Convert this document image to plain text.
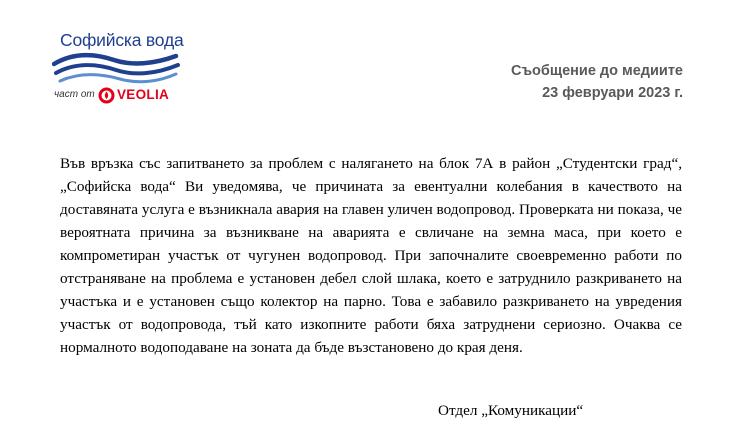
Софийска вода
част от VEOLIA
Съобщение до медиите
23 февруари 2023 г.

Във връзка със запитването за проблем с налягането на блок 7А в район „Студентски град“, „Софийска вода“ Ви уведомява, че причината за евентуални колебания в качеството на доставяната услуга е възникнала авария на главен уличен водопровод. Проверката ни показа, че вероятната причина за възникване на аварията е свличане на земна маса, при което е компрометиран участък от чугунен водопровод. При започналите своевременно работи по отстраняване на проблема е установен дебел слой шлака, което е затруднило разкриването на участъка и е установен също колектор на парно. Това е забавило разкриването на увредения участък от водопровода, тъй като изкопните работи бяха затруднени сериозно. Очаква се нормалното водоподаване на зоната да бъде възстановено до края деня.

Отдел „Комуникации“
